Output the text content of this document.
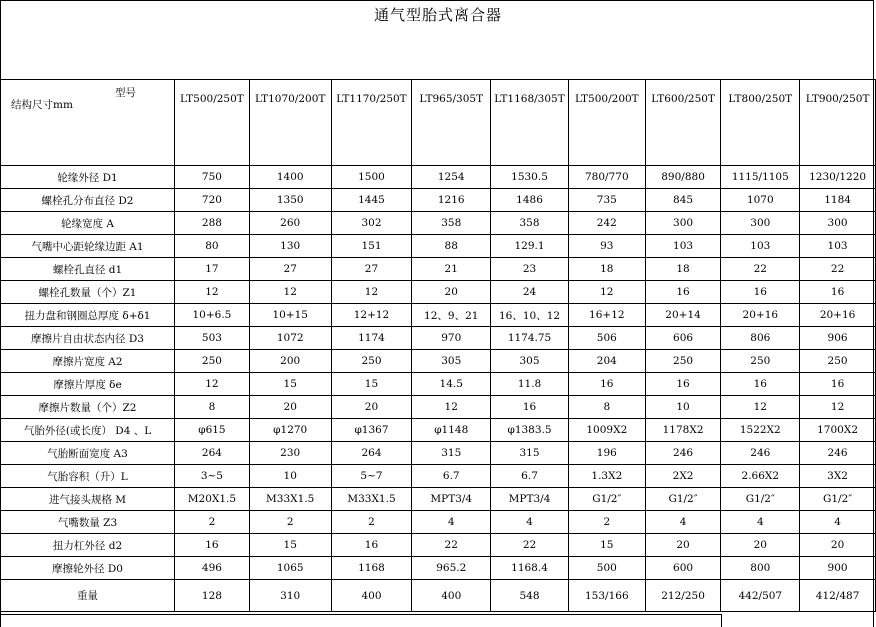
通气型胎式离合器
型号
结构尺寸mm	LT500/250T	LT1070/200T	LT1170/250T	LT965/305T	LT1168/305T	LT500/200T	LT600/250T	LT800/250T	LT900/250T
轮缘外径 D1	750	1400	1500	1254	1530.5	780/770	890/880	1115/1105	1230/1220
螺栓孔分布直径 D2	720	1350	1445	1216	1486	735	845	1070	1184
轮缘宽度 A	288	260	302	358	358	242	300	300	300
气嘴中心距轮缘边距 A1	80	130	151	88	129.1	93	103	103	103
螺栓孔直径 d1	17	27	27	21	23	18	18	22	22
螺栓孔数量（个）Z1	12	12	12	20	24	12	16	16	16
扭力盘和钢圈总厚度 δ+δ1	10+6.5	10+15	12+12	12、9、21	16、10、12	16+12	20+14	20+16	20+16
摩擦片自由状态内径 D3	503	1072	1174	970	1174.75	506	606	806	906
摩擦片宽度 A2	250	200	250	305	305	204	250	250	250
摩擦片厚度 δe	12	15	15	14.5	11.8	16	16	16	16
摩擦片数量（个）Z2	8	20	20	12	16	8	10	12	12
气胎外径(或长度） D4 、L	φ615	φ1270	φ1367	φ1148	φ1383.5	1009X2	1178X2	1522X2	1700X2
气胎断面宽度 A3	264	230	264	315	315	196	246	246	246
气胎容积（升）L	3~5	10	5~7	6.7	6.7	1.3X2	2X2	2.66X2	3X2
进气接头规格 M	M20X1.5	M33X1.5	M33X1.5	MPT3/4	MPT3/4	G1/2″	G1/2″	G1/2″	G1/2″
气嘴数量 Z3	2	2	2	4	4	2	4	4	4
扭力杠外径 d2	16	15	16	22	22	15	20	20	20
摩擦轮外径 D0	496	1065	1168	965.2	1168.4	500	600	800	900
重量	128	310	400	400	548	153/166	212/250	442/507	412/487
